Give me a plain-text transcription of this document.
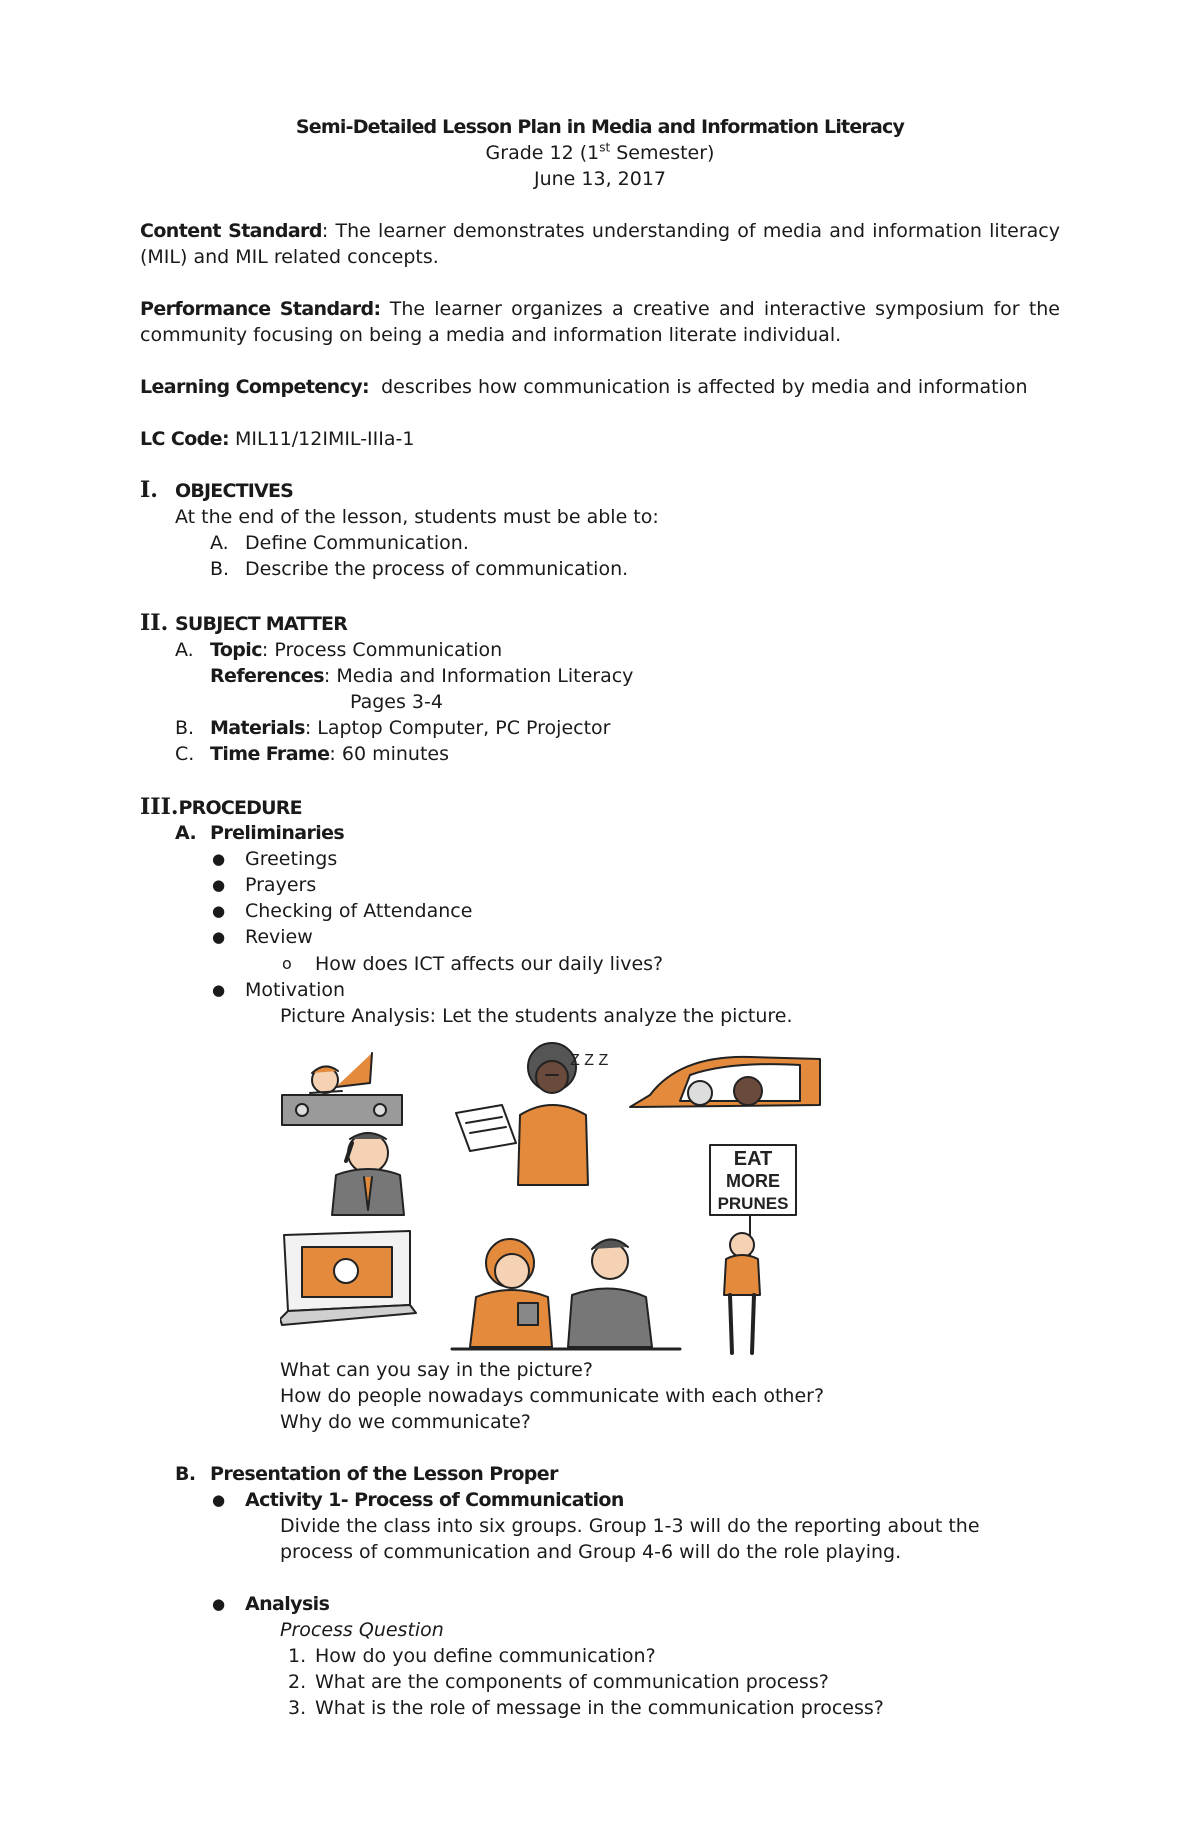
Semi-Detailed Lesson Plan in Media and Information Literacy
Grade 12 (1st Semester)
June 13, 2017
Content Standard: The learner demonstrates understanding of media and information literacy
(MIL) and MIL related concepts.
Performance Standard: The learner organizes a creative and interactive symposium for the
community focusing on being a media and information literate individual.
Learning Competency: describes how communication is affected by media and information
LC Code: MIL11/12IMIL-IIIa-1
I. OBJECTIVES
At the end of the lesson, students must be able to:
A. Define Communication.
B. Describe the process of communication.
II. SUBJECT MATTER
A. Topic: Process Communication
References: Media and Information Literacy
Pages 3-4
B. Materials: Laptop Computer, PC Projector
C. Time Frame: 60 minutes
III.PROCEDURE
A. Preliminaries
● Greetings
● Prayers
● Checking of Attendance
● Review
o How does ICT affects our daily lives?
● Motivation
Picture Analysis: Let the students analyze the picture.
Z Z Z
EAT
MORE
PRUNES
What can you say in the picture?
How do people nowadays communicate with each other?
Why do we communicate?
B. Presentation of the Lesson Proper
● Activity 1- Process of Communication
Divide the class into six groups. Group 1-3 will do the reporting about the
process of communication and Group 4-6 will do the role playing.
● Analysis
Process Question
1. How do you define communication?
2. What are the components of communication process?
3. What is the role of message in the communication process?
